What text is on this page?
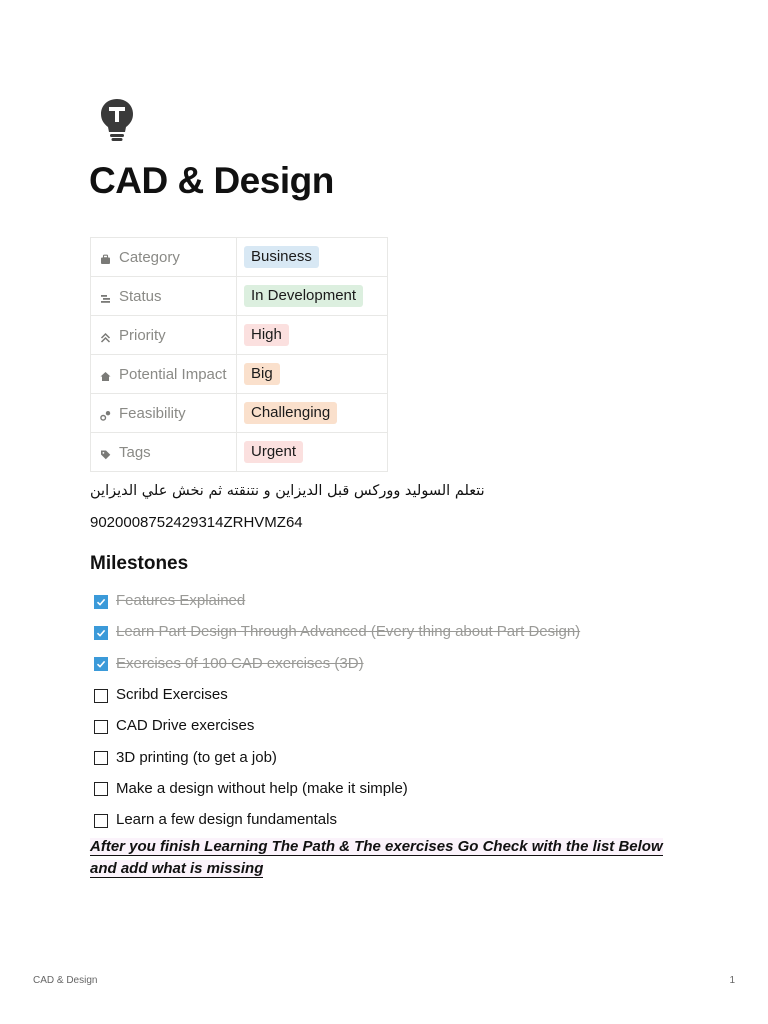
CAD & Design
Category	Business

Status	In Development

Priority	High

Potential Impact	Big

Feasibility	Challenging

Tags	Urgent
نتعلم السوليد ووركس قبل الديزاين و نتنقته ثم نخش علي الديزاين
9020008752429314ZRHVMZ64
Milestones
Features Explained
Learn Part Design Through Advanced (Every thing about Part Design)
Exercises 0f 100 CAD exercises (3D)
Scribd Exercises
CAD Drive exercises
3D printing (to get a job)
Make a design without help (make it simple)
Learn a few design fundamentals
After you finish Learning The Path & The exercises Go Check with the list Below and add what is missing
CAD & Design	1
